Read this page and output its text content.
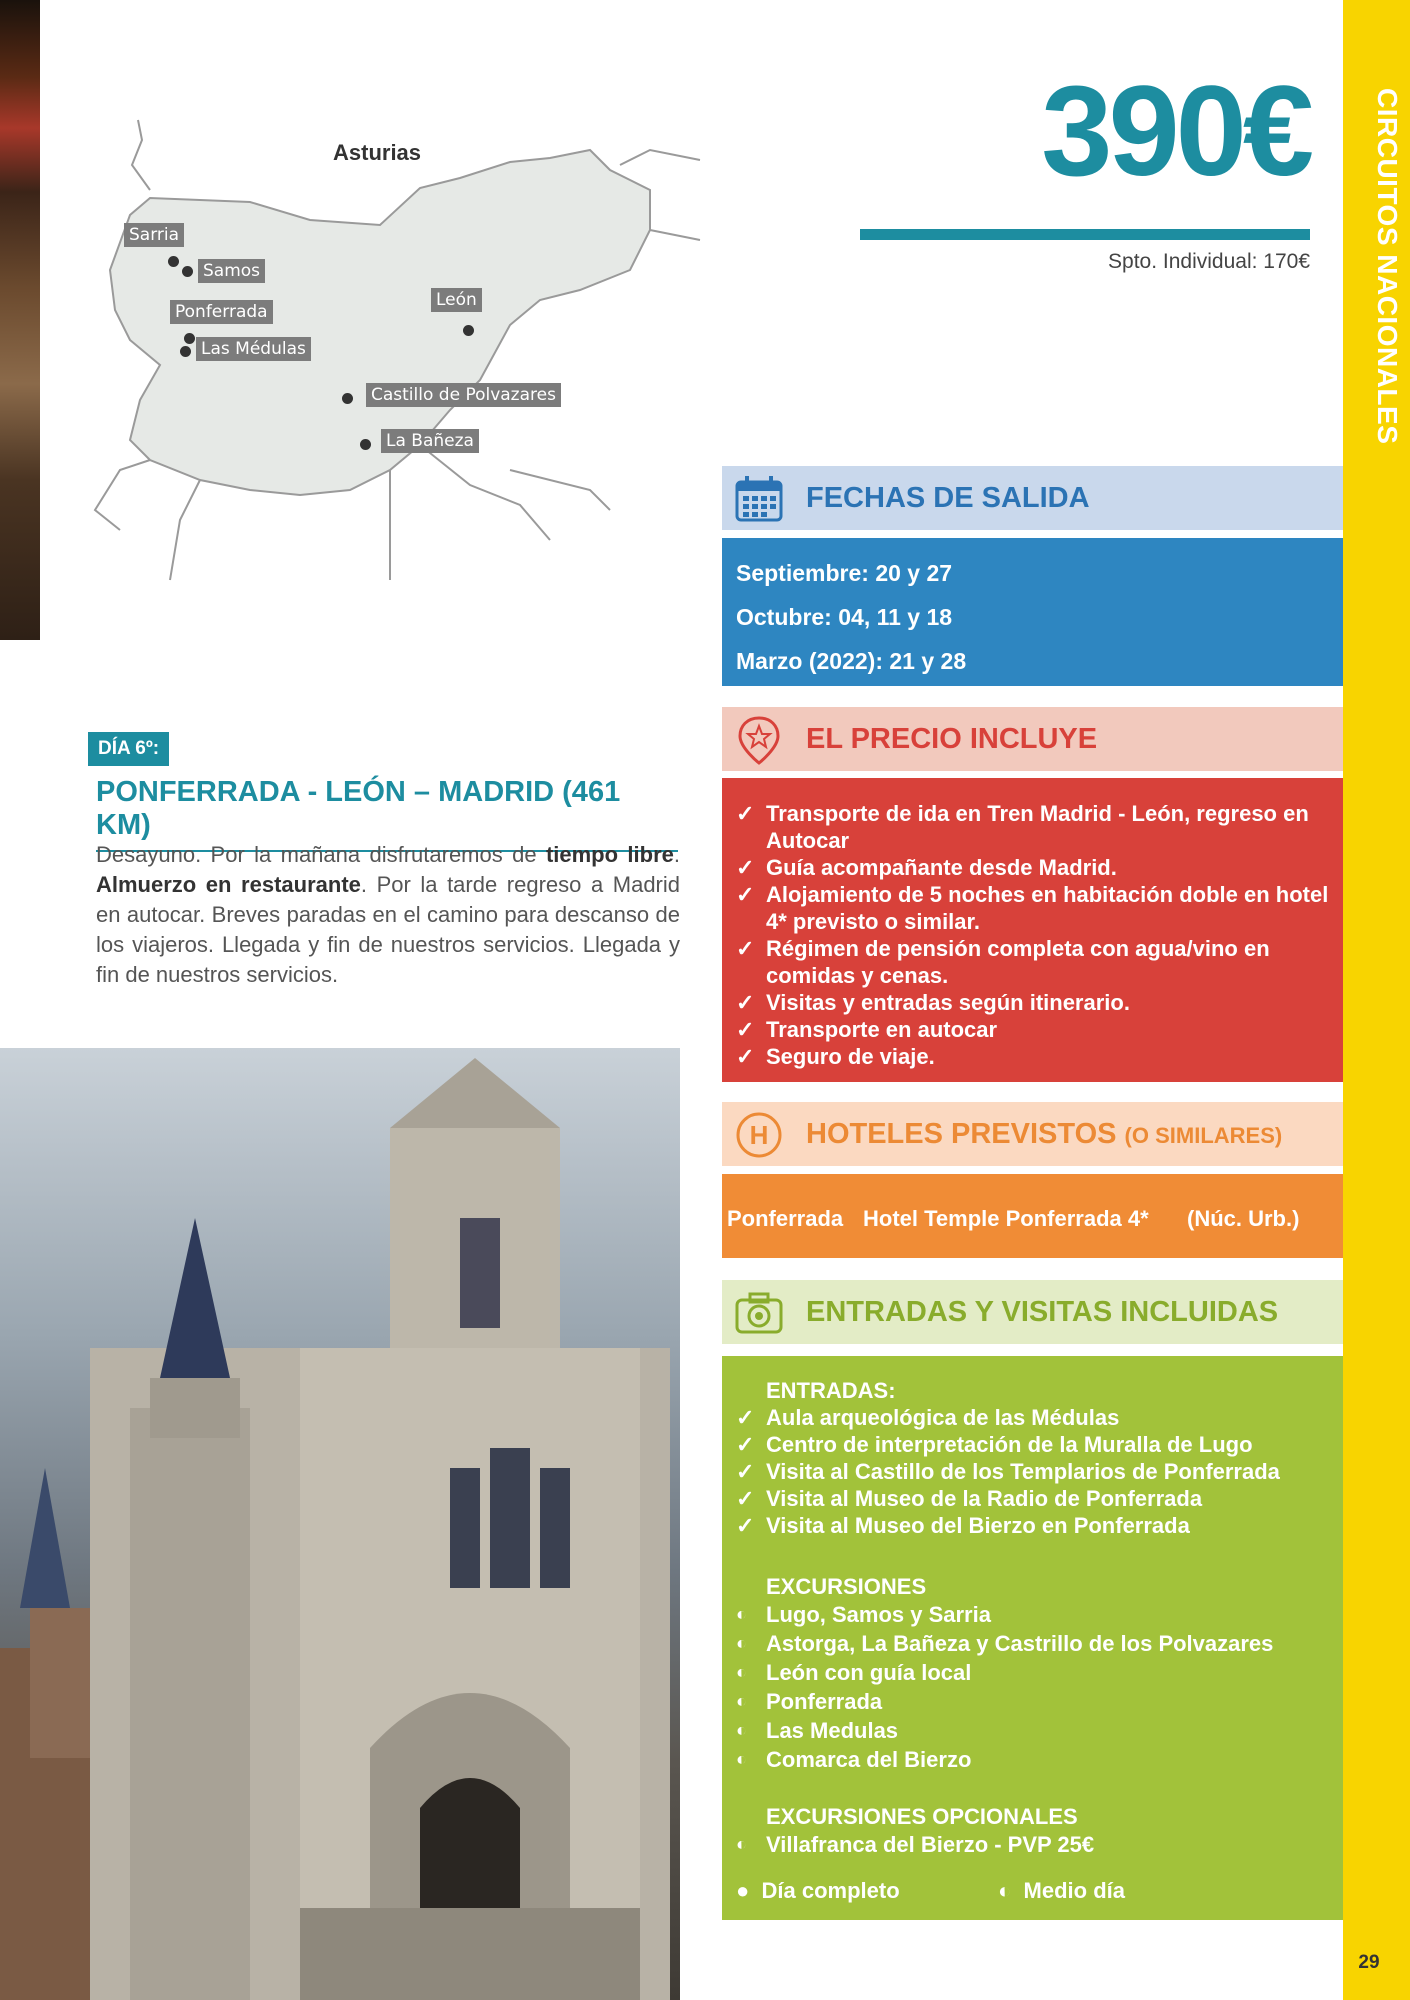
CIRCUITOS NACIONALES
29
390€
Spto. Individual: 170€
Asturias
Sarria
Samos
Ponferrada
Las Médulas
León
Castillo de Polvazares
La Bañeza
DÍA 6º:
PONFERRADA - LEÓN – MADRID (461 KM)
Desayuno. Por la mañana disfrutaremos de tiempo libre. Almuerzo en restaurante. Por la tarde regreso a Madrid en autocar. Breves paradas en el camino para descanso de los viajeros. Llegada y fin de nuestros servicios. Llegada y fin de nuestros servicios.
FECHAS DE SALIDA
Septiembre: 20 y 27
Octubre: 04, 11 y 18
Marzo (2022): 21 y 28
EL PRECIO INCLUYE
✓ Transporte de ida en Tren Madrid - León, regreso en Autocar
✓ Guía acompañante desde Madrid.
✓ Alojamiento de 5 noches en habitación doble en hotel 4* previsto o similar.
✓ Régimen de pensión completa con agua/vino en comidas y cenas.
✓ Visitas y entradas según itinerario.
✓ Transporte en autocar
✓ Seguro de viaje.
H HOTELES PREVISTOS (O SIMILARES)
Ponferrada Hotel Temple Ponferrada 4* (Núc. Urb.)
ENTRADAS Y VISITAS INCLUIDAS
ENTRADAS:
✓ Aula arqueológica de las Médulas
✓ Centro de interpretación de la Muralla de Lugo
✓ Visita al Castillo de los Templarios de Ponferrada
✓ Visita al Museo de la Radio de Ponferrada
✓ Visita al Museo del Bierzo en Ponferrada
EXCURSIONES
◐ Lugo, Samos y Sarria
◐ Astorga, La Bañeza y Castrillo de los Polvazares
◐ León con guía local
◐ Ponferrada
◐ Las Medulas
◐ Comarca del Bierzo
EXCURSIONES OPCIONALES
◐ Villafranca del Bierzo - PVP 25€
● Día completo	◐ Medio día
